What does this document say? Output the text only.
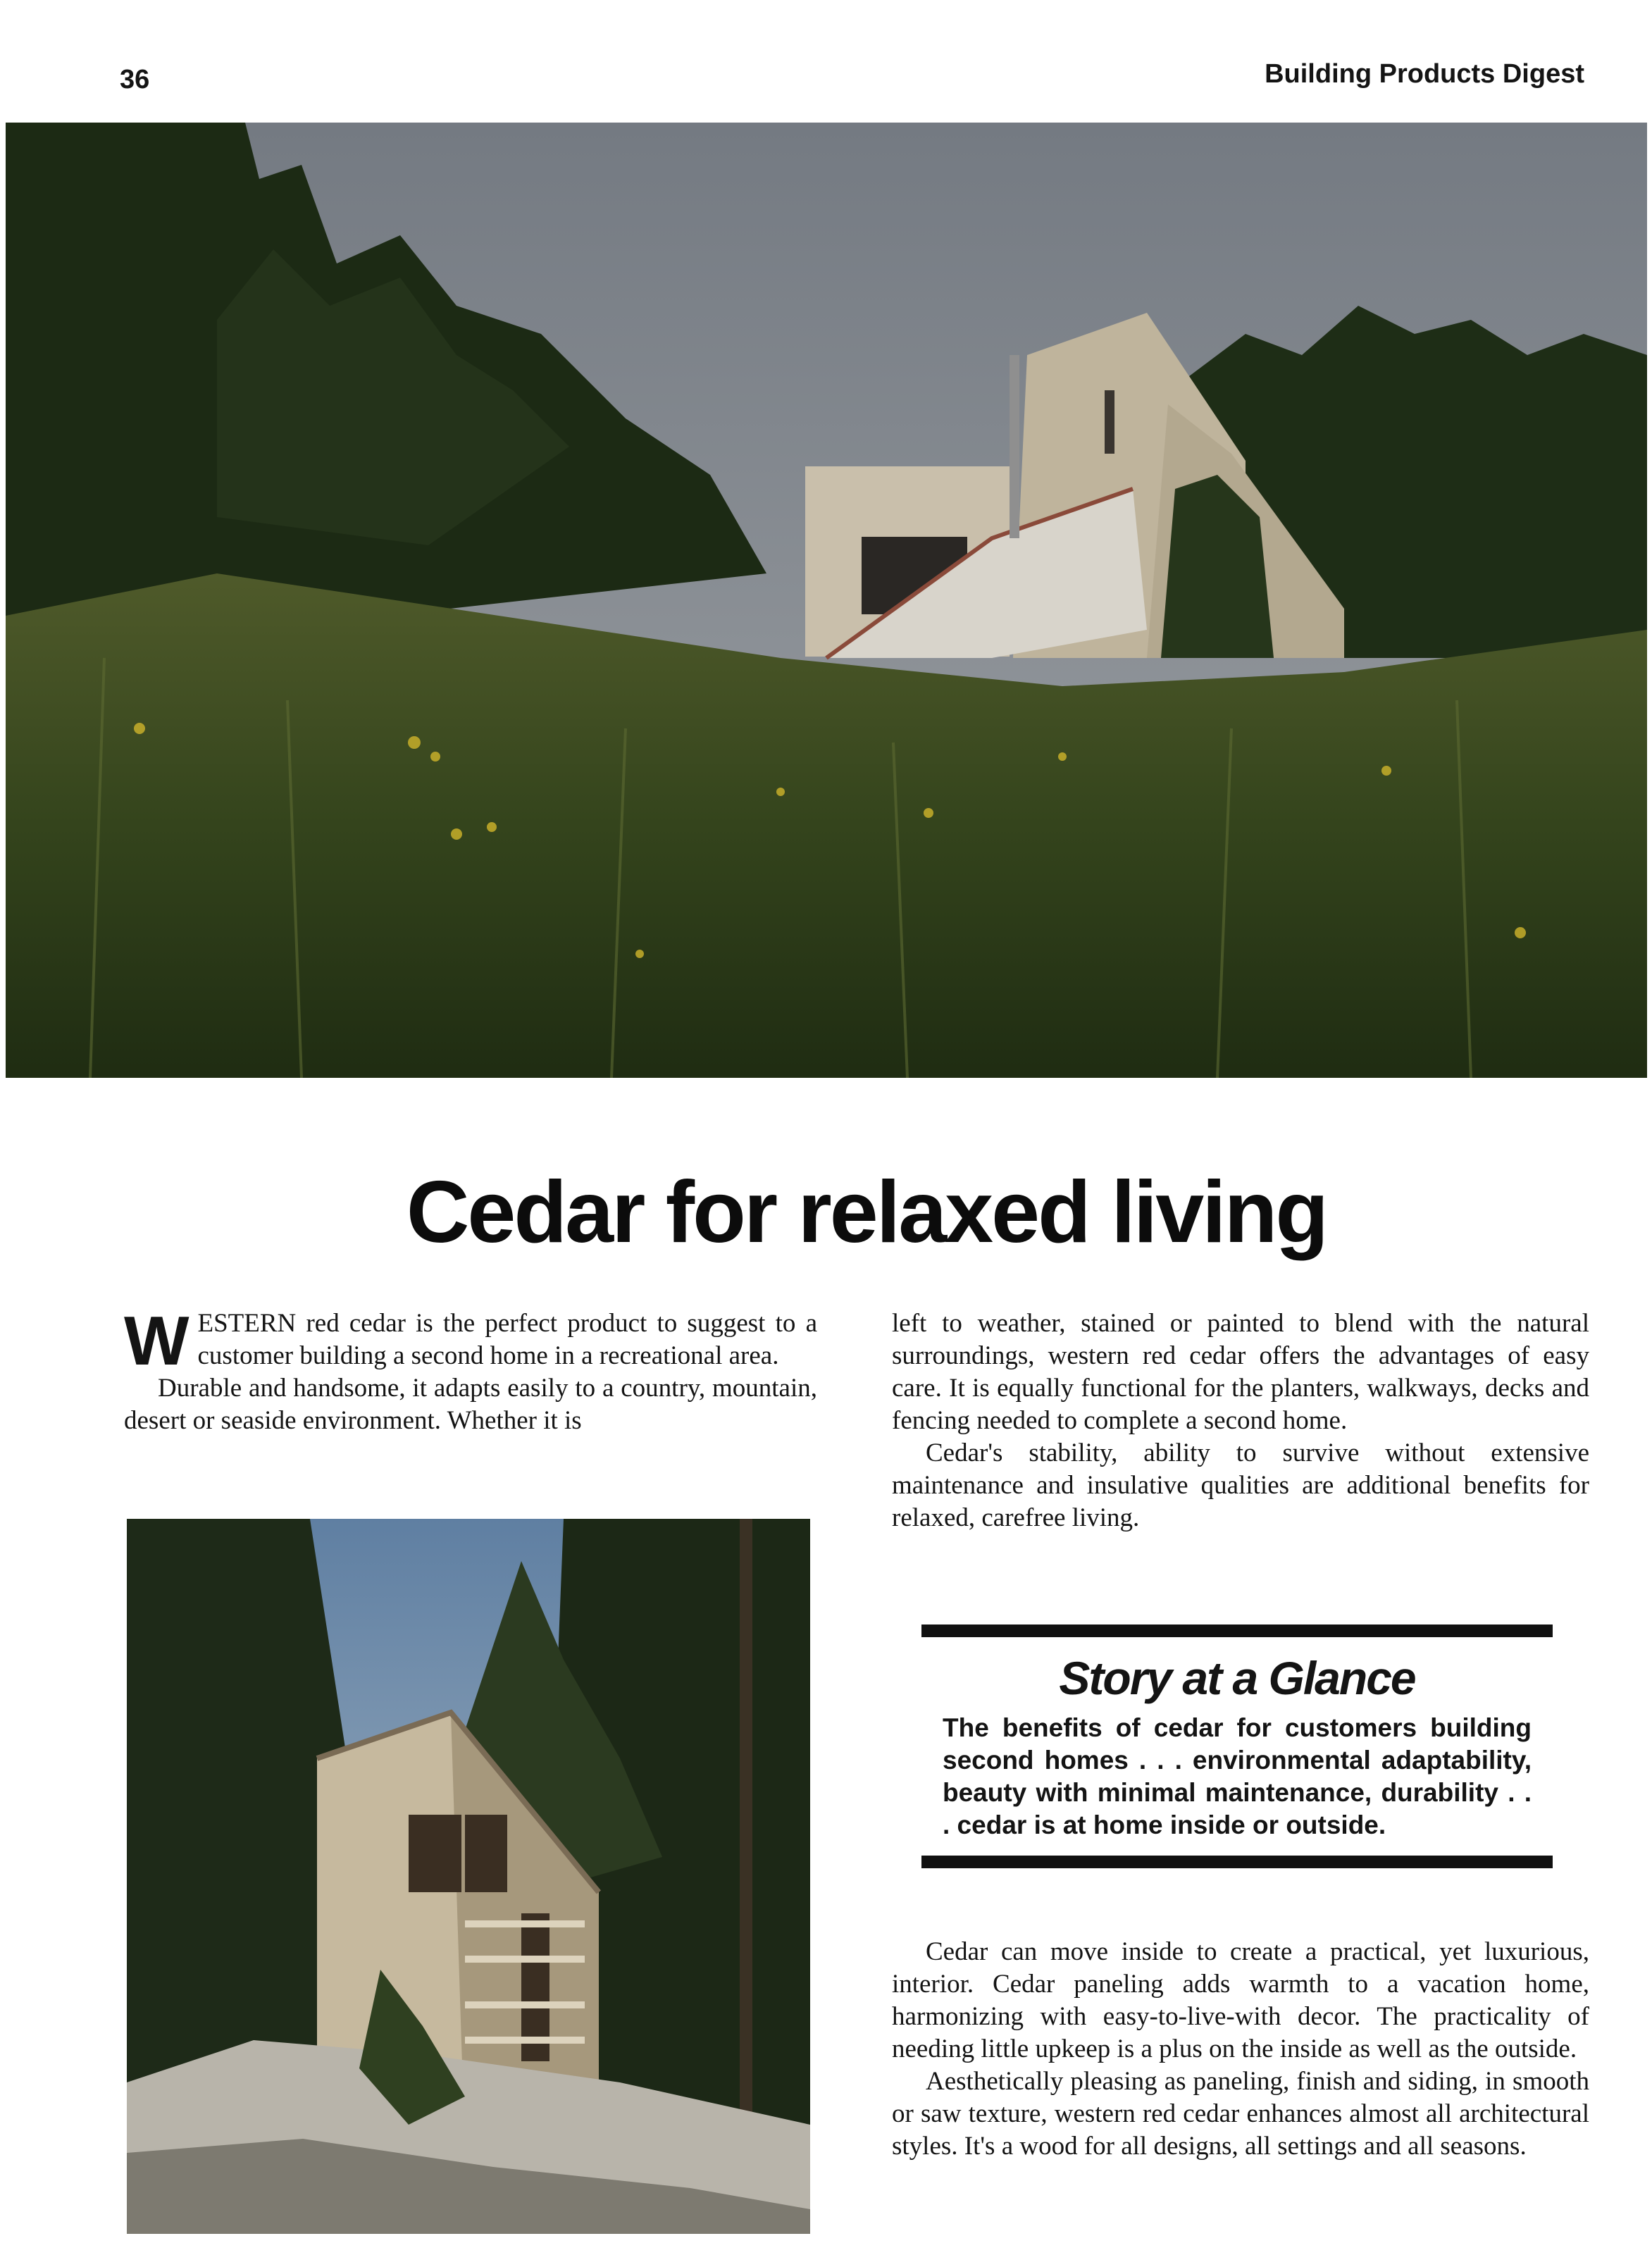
36	Building Products Digest
Cedar for relaxed living

WESTERN red cedar is the perfect product to suggest to a customer building a second home in a recreational area.

Durable and handsome, it adapts easily to a country, mountain, desert or seaside environment. Whether it is

left to weather, stained or painted to blend with the natural surroundings, western red cedar offers the advantages of easy care. It is equally functional for the planters, walkways, decks and fencing needed to complete a second home.

Cedar's stability, ability to survive without extensive maintenance and insulative qualities are additional benefits for relaxed, carefree living.

Story at a Glance
The benefits of cedar for customers building second homes . . . environmental adaptability, beauty with minimal maintenance, durability . . . cedar is at home inside or outside.

Cedar can move inside to create a practical, yet luxurious, interior. Cedar paneling adds warmth to a vacation home, harmonizing with easy-to-live-with decor. The practicality of needing little upkeep is a plus on the inside as well as the outside.

Aesthetically pleasing as paneling, finish and siding, in smooth or saw texture, western red cedar enhances almost all architectural styles. It's a wood for all designs, all settings and all seasons.
